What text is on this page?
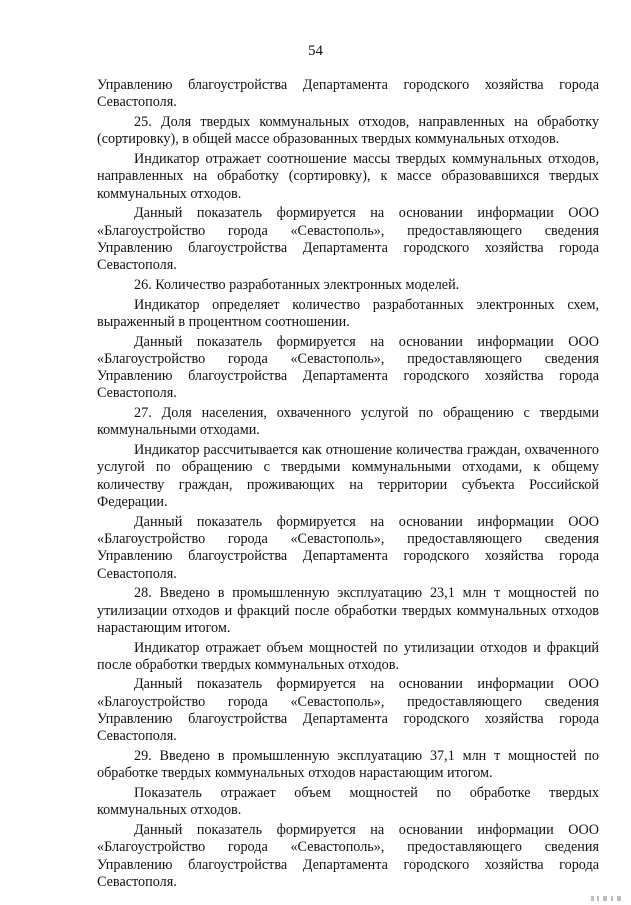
54

Управлению благоустройства Департамента городского хозяйства города Севастополя.

25. Доля твердых коммунальных отходов, направленных на обработку (сортировку), в общей массе образованных твердых коммунальных отходов.

Индикатор отражает соотношение массы твердых коммунальных отходов, направленных на обработку (сортировку), к массе образовавшихся твердых коммунальных отходов.

Данный показатель формируется на основании информации ООО «Благоустройство города «Севастополь», предоставляющего сведения Управлению благоустройства Департамента городского хозяйства города Севастополя.

26. Количество разработанных электронных моделей.

Индикатор определяет количество разработанных электронных схем, выраженный в процентном соотношении.

Данный показатель формируется на основании информации ООО «Благоустройство города «Севастополь», предоставляющего сведения Управлению благоустройства Департамента городского хозяйства города Севастополя.

27. Доля населения, охваченного услугой по обращению с твердыми коммунальными отходами.

Индикатор рассчитывается как отношение количества граждан, охваченного услугой по обращению с твердыми коммунальными отходами, к общему количеству граждан, проживающих на территории субъекта Российской Федерации.

Данный показатель формируется на основании информации ООО «Благоустройство города «Севастополь», предоставляющего сведения Управлению благоустройства Департамента городского хозяйства города Севастополя.

28. Введено в промышленную эксплуатацию 23,1 млн т мощностей по утилизации отходов и фракций после обработки твердых коммунальных отходов нарастающим итогом.

Индикатор отражает объем мощностей по утилизации отходов и фракций после обработки твердых коммунальных отходов.

Данный показатель формируется на основании информации ООО «Благоустройство города «Севастополь», предоставляющего сведения Управлению благоустройства Департамента городского хозяйства города Севастополя.

29. Введено в промышленную эксплуатацию 37,1 млн т мощностей по обработке твердых коммунальных отходов нарастающим итогом.

Показатель отражает объем мощностей по обработке твердых коммунальных отходов.

Данный показатель формируется на основании информации ООО «Благоустройство города «Севастополь», предоставляющего сведения Управлению благоустройства Департамента городского хозяйства города Севастополя.
